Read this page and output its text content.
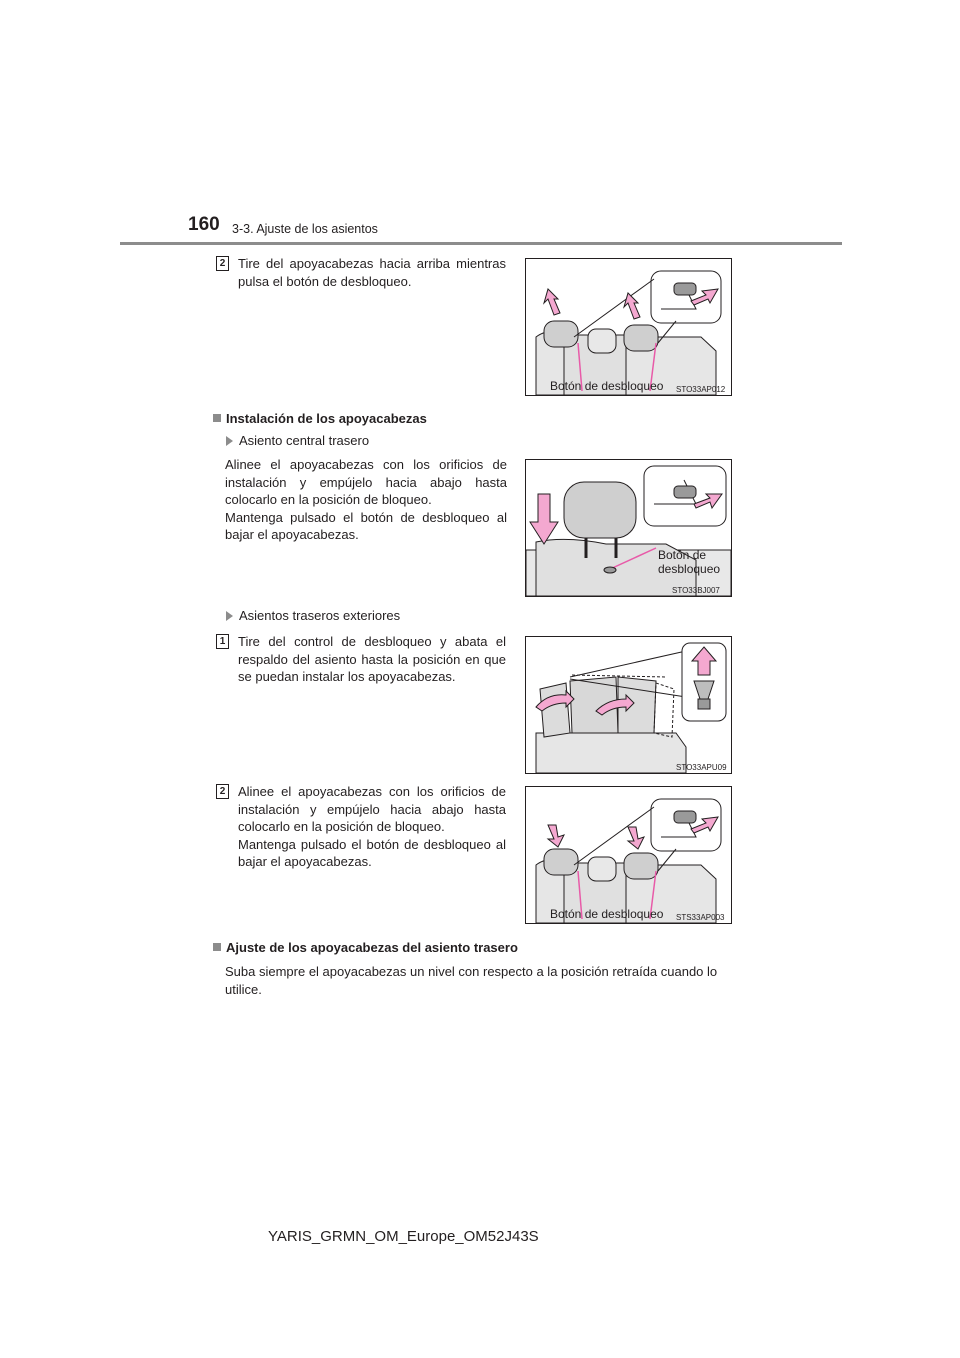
160 3-3. Ajuste de los asientos
2 Tire del apoyacabezas hacia arriba mientras pulsa el botón de desbloqueo.
Botón de desbloqueo STO33AP012
Instalación de los apoyacabezas
Asiento central trasero
Alinee el apoyacabezas con los orificios de instalación y empújelo hacia abajo hasta colocarlo en la posición de bloqueo.
Mantenga pulsado el botón de desbloqueo al bajar el apoyacabezas.
Botón de
desbloqueo
STO33BJ007
Asientos traseros exteriores
1 Tire del control de desbloqueo y abata el respaldo del asiento hasta la posición en que se puedan instalar los apoyacabezas.
STO33APU09
2 Alinee el apoyacabezas con los orificios de instalación y empújelo hacia abajo hasta colocarlo en la posición de bloqueo.
Mantenga pulsado el botón de desbloqueo al bajar el apoyacabezas.
Botón de desbloqueo STS33AP003
Ajuste de los apoyacabezas del asiento trasero
Suba siempre el apoyacabezas un nivel con respecto a la posición retraída cuando lo utilice.
YARIS_GRMN_OM_Europe_OM52J43S
